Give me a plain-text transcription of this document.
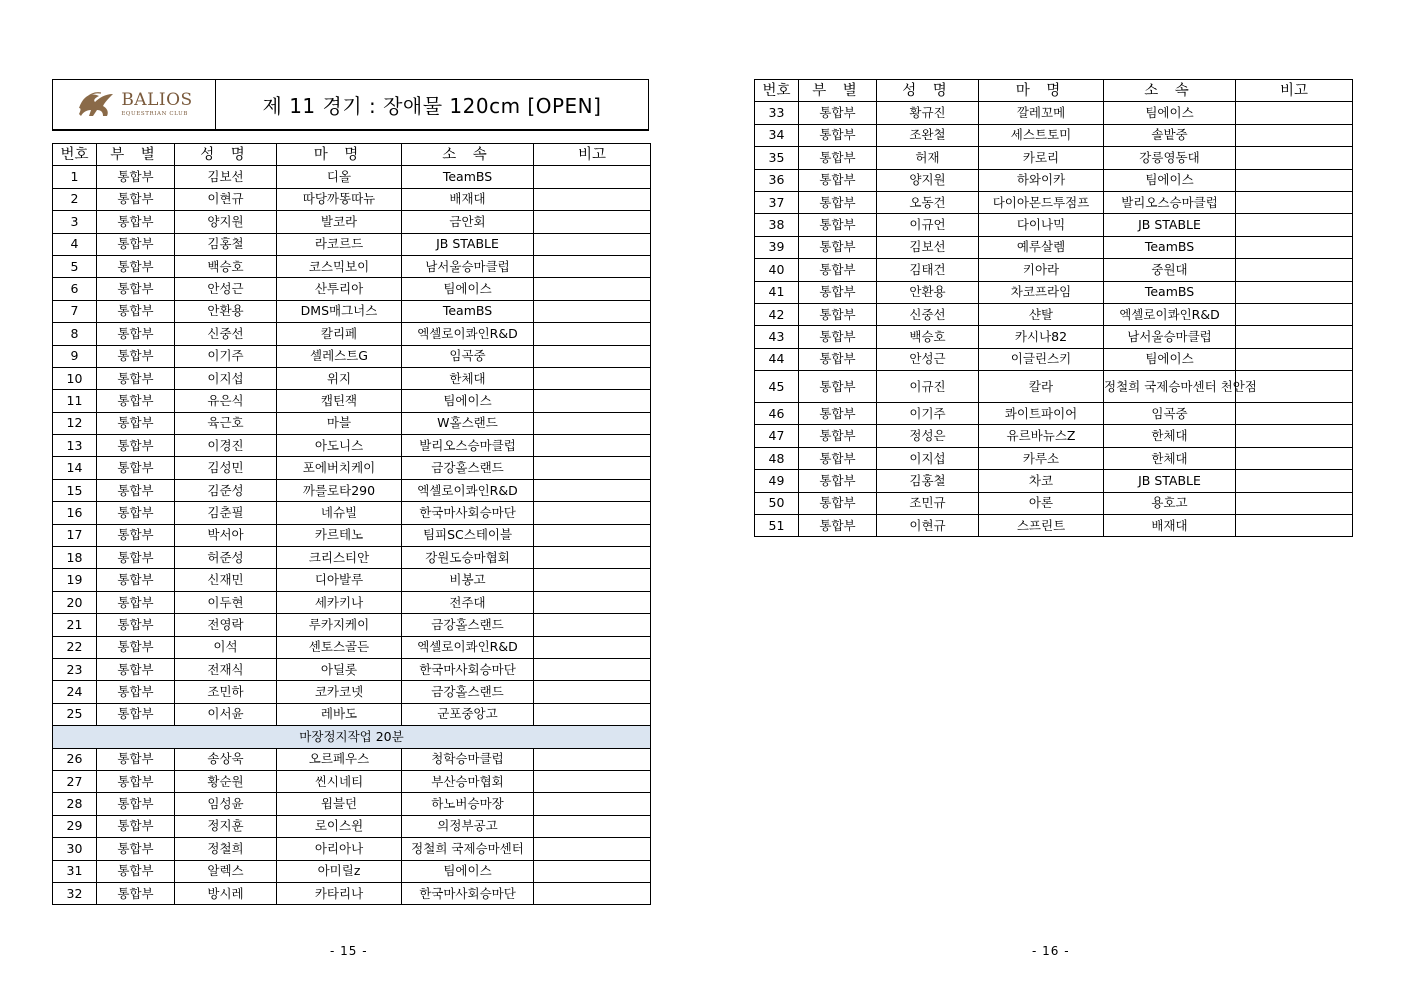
BALIOS
EQUESTRIAN CLUB	제 11 경기 : 장애물 120cm [OPEN]
번호	부 별	성 명	마 명	소 속	비고
1	통합부	김보선	디올	TeamBS	
2	통합부	이현규	따당까똥따뉴	배재대	
3	통합부	양지원	발코라	금안회	
4	통합부	김홍철	라코르드	JB STABLE	
5	통합부	백승호	코스믹보이	남서울승마클럽	
6	통합부	안성근	산투리아	팀에이스	
7	통합부	안환용	DMS매그너스	TeamBS	
8	통합부	신중선	칼리페	엑셀로이콰인R&D	
9	통합부	이기주	셀레스트G	임곡중	
10	통합부	이지섭	위지	한체대	
11	통합부	유은식	캡틴잭	팀에이스	
12	통합부	육근호	마블	W홀스랜드	
13	통합부	이경진	아도니스	발리오스승마클럽	
14	통합부	김성민	포에버치케이	금강홀스랜드	
15	통합부	김준성	까를로타290	엑셀로이콰인R&D	
16	통합부	김춘필	네슈빌	한국마사회승마단	
17	통합부	박서아	카르테노	팀피SC스테이블	
18	통합부	허준성	크리스티안	강원도승마협회	
19	통합부	신재민	디아발루	비봉고	
20	통합부	이두현	세카키나	전주대	
21	통합부	전영락	루카지케이	금강홀스랜드	
22	통합부	이석	센토스골든	엑셀로이콰인R&D	
23	통합부	전재식	아딜롯	한국마사회승마단	
24	통합부	조민하	코카코넷	금강홀스랜드	
25	통합부	이서윤	레바도	군포중앙고	
마장정지작업 20분					
26	통합부	송상욱	오르페우스	청학승마클럽	
27	통합부	황순원	씬시네티	부산승마협회	
28	통합부	임성윤	윔블던	하노버승마장	
29	통합부	정지훈	로이스윈	의정부공고	
30	통합부	정철희	아리아나	정철희 국제승마센터	
31	통합부	알렉스	아미릴z	팀에이스	
32	통합부	방시레	카타리나	한국마사회승마단	
- 15 -
번호	부 별	성 명	마 명	소 속	비고
33	통합부	황규진	깔레꼬메	팀에이스	
34	통합부	조완철	세스트토미	솔밭중	
35	통합부	허재	카로리	강릉영동대	
36	통합부	양지원	하와이카	팀에이스	
37	통합부	오동건	다이아몬드투점프	발리오스승마클럽	
38	통합부	이규언	다이나믹	JB STABLE	
39	통합부	김보선	예루살렘	TeamBS	
40	통합부	김태건	키아라	중원대	
41	통합부	안환용	차코프라임	TeamBS	
42	통합부	신중선	샨탈	엑셀로이콰인R&D	
43	통합부	백승호	카시나82	남서울승마클럽	
44	통합부	안성근	이글린스키	팀에이스	
45	통합부	이규진	칼라	정철희 국제승마센터 천안점	
46	통합부	이기주	콰이트파이어	임곡중	
47	통합부	정성은	유르바뉴스Z	한체대	
48	통합부	이지섭	카루소	한체대	
49	통합부	김홍철	차코	JB STABLE	
50	통합부	조민규	아론	용호고	
51	통합부	이현규	스프린트	배재대	
- 16 -
